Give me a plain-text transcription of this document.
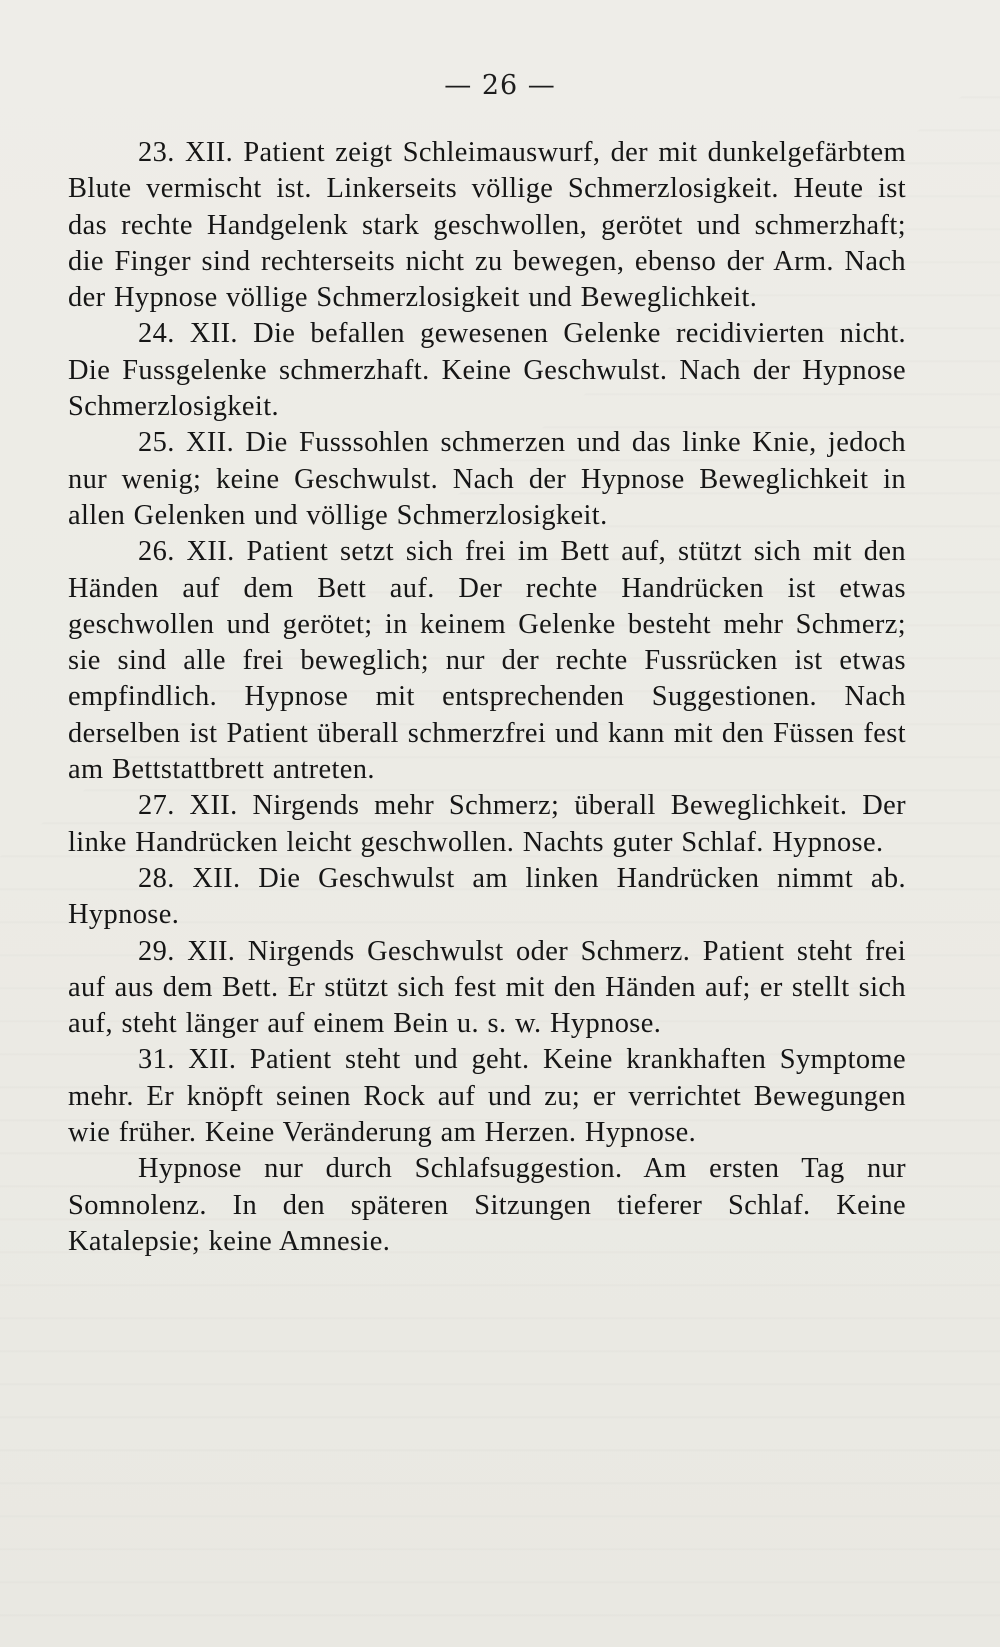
— 26 —

23. XII. Patient zeigt Schleimauswurf, der mit dunkelgefärbtem Blute vermischt ist. Linkerseits völlige Schmerzlosigkeit. Heute ist das rechte Handgelenk stark geschwollen, gerötet und schmerzhaft; die Finger sind rechterseits nicht zu bewegen, ebenso der Arm. Nach der Hypnose völlige Schmerzlosigkeit und Beweglichkeit.

24. XII. Die befallen gewesenen Gelenke recidivierten nicht. Die Fussgelenke schmerzhaft. Keine Geschwulst. Nach der Hypnose Schmerzlosigkeit.

25. XII. Die Fusssohlen schmerzen und das linke Knie, jedoch nur wenig; keine Geschwulst. Nach der Hypnose Beweglichkeit in allen Gelenken und völlige Schmerzlosigkeit.

26. XII. Patient setzt sich frei im Bett auf, stützt sich mit den Händen auf dem Bett auf. Der rechte Handrücken ist etwas geschwollen und gerötet; in keinem Gelenke besteht mehr Schmerz; sie sind alle frei beweglich; nur der rechte Fussrücken ist etwas empfindlich. Hypnose mit entsprechenden Suggestionen. Nach derselben ist Patient überall schmerzfrei und kann mit den Füssen fest am Bettstattbrett antreten.

27. XII. Nirgends mehr Schmerz; überall Beweglichkeit. Der linke Handrücken leicht geschwollen. Nachts guter Schlaf. Hypnose.

28. XII. Die Geschwulst am linken Handrücken nimmt ab. Hypnose.

29. XII. Nirgends Geschwulst oder Schmerz. Patient steht frei auf aus dem Bett. Er stützt sich fest mit den Händen auf; er stellt sich auf, steht länger auf einem Bein u. s. w. Hypnose.

31. XII. Patient steht und geht. Keine krankhaften Symptome mehr. Er knöpft seinen Rock auf und zu; er verrichtet Bewegungen wie früher. Keine Veränderung am Herzen. Hypnose.

Hypnose nur durch Schlafsuggestion. Am ersten Tag nur Somnolenz. In den späteren Sitzungen tieferer Schlaf. Keine Katalepsie; keine Amnesie.
